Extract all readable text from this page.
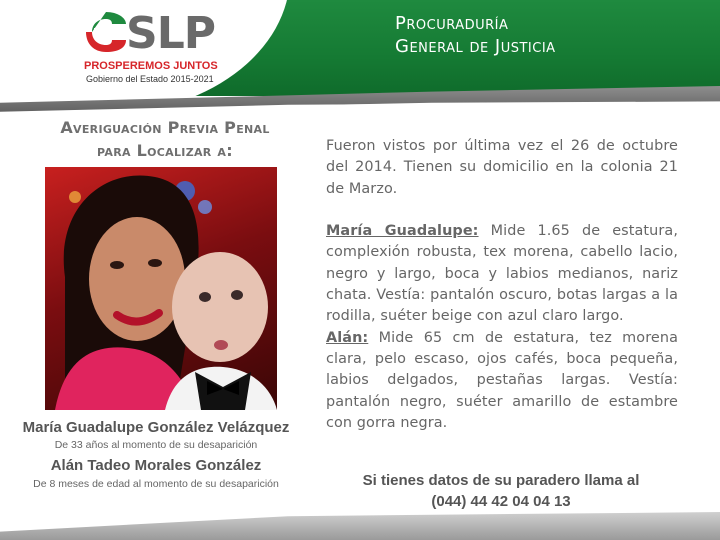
SLP
PROSPEREMOS JUNTOS
Gobierno del Estado 2015-2021
Procuraduría
General de Justicia
Averiguación Previa Penal
para Localizar a:
María Guadalupe González Velázquez
De 33 años al momento de su desaparición
Alán Tadeo Morales González
De 8 meses de edad al momento de su desaparición

Fueron vistos por última vez el 26 de octubre del 2014. Tienen su domicilio en la colonia 21 de Marzo.

María Guadalupe: Mide 1.65 de estatura, complexión robusta, tex morena, cabello lacio, negro y largo, boca y labios medianos, nariz chata. Vestía: pantalón oscuro, botas largas a la rodilla, suéter beige con azul claro largo.

Alán: Mide 65 cm de estatura, tez morena clara, pelo escaso, ojos cafés, boca pequeña, labios delgados, pestañas largas. Vestía: pantalón negro, suéter amarillo de estambre con gorra negra.

Si tienes datos de su paradero llama al
(044) 44 42 04 04 13
